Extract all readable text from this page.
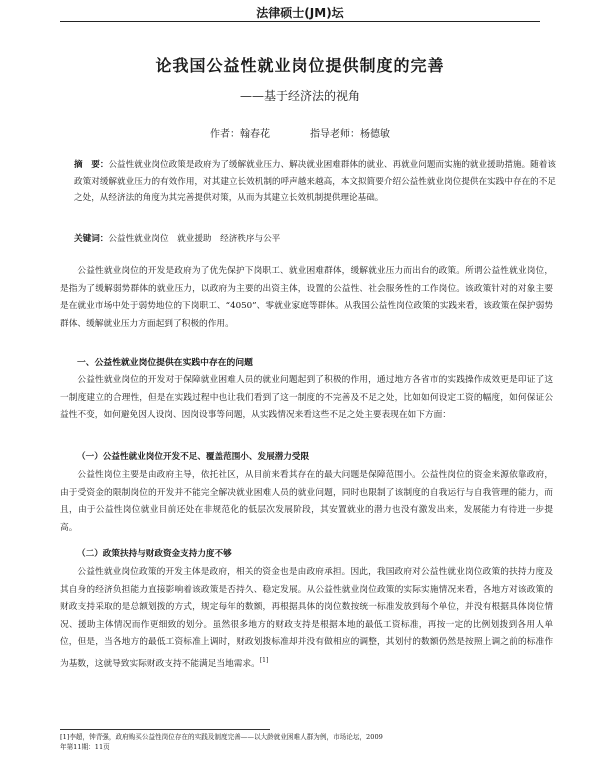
法律硕士(JM)坛
论我国公益性就业岗位提供制度的完善
——基于经济法的视角
作者：翰春花	指导老师：杨德敏
摘　要：公益性就业岗位政策是政府为了缓解就业压力、解决就业困难群体的就业、再就业问题而实施的就业援助措施。随着该政策对缓解就业压力的有效作用，对其建立长效机制的呼声越来越高，本文拟简要介绍公益性就业岗位提供在实践中存在的不足之处，从经济法的角度为其完善提供对策，从而为其建立长效机制提供理论基础。
关键词：公益性就业岗位　就业援助　经济秩序与公平

公益性就业岗位的开发是政府为了优先保护下岗职工、就业困难群体，缓解就业压力而出台的政策。所谓公益性就业岗位，是指为了缓解弱势群体的就业压力，以政府为主要的出资主体，设置的公益性、社会服务性的工作岗位。该政策针对的对象主要是在就业市场中处于弱势地位的下岗职工、“4050”、零就业家庭等群体。从我国公益性岗位政策的实践来看，该政策在保护弱势群体、缓解就业压力方面起到了积极的作用。

一、公益性就业岗位提供在实践中存在的问题

公益性就业岗位的开发对于保障就业困难人员的就业问题起到了积极的作用，通过地方各省市的实践操作成效更是印证了这一制度建立的合理性，但是在实践过程中也让我们看到了这一制度的不完善及不足之处，比如如何设定工资的幅度，如何保证公益性不变，如何避免因人设岗、因岗设事等问题，从实践情况来看这些不足之处主要表现在如下方面：

（一）公益性就业岗位开发不足、覆盖范围小、发展潜力受限

公益性岗位主要是由政府主导，依托社区，从目前来看其存在的最大问题是保障范围小。公益性岗位的资金来源依靠政府，由于受资金的限制岗位的开发并不能完全解决就业困难人员的就业问题，同时也限制了该制度的自我运行与自我管理的能力，而且，由于公益性岗位就业目前还处在非规范化的低层次发展阶段，其安置就业的潜力也没有激发出来，发展能力有待进一步提高。

（二）政策扶持与财政资金支持力度不够

公益性就业岗位政策的开发主体是政府，相关的资金也是由政府承担。因此，我国政府对公益性就业岗位政策的扶持力度及其自身的经济负担能力直接影响着该政策是否持久、稳定发展。从公益性就业岗位政策的实际实施情况来看，各地方对该政策的财政支持采取的是总额划拨的方式，规定每年的数额，再根据具体的岗位数按统一标准发放到每个单位，并没有根据具体岗位情况、援助主体情况而作更细致的划分。虽然很多地方的财政支持是根据本地的最低工资标准，再按一定的比例划拨到各用人单位，但是，当各地方的最低工资标准上调时，财政划拨标准却并没有做相应的调整，其划付的数额仍然是按照上调之前的标准作为基数，这就导致实际财政支持不能满足当地需求。[1]

[1]李超，钟青强，政府购买公益性岗位存在的实践及制度完善——以大龄就业困难人群为例，市场论坛，2009
年第11期：11页
